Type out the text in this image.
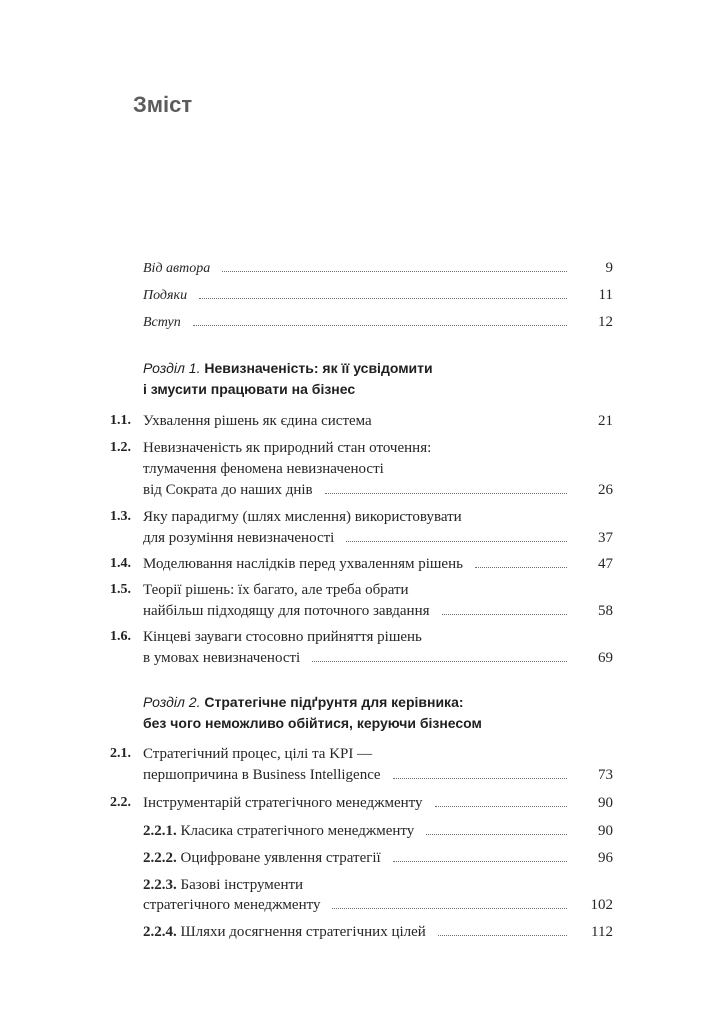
Зміст
Від автора	9
Подяки	11
Вступ	12
Розділ 1. Невизначеність: як її усвідомити
і змусити працювати на бізнес
1.1. Ухвалення рішень як єдина система	21
1.2. Невизначеність як природний стан оточення:
тлумачення феномена невизначеності
від Сократа до наших днів	26
1.3. Яку парадигму (шлях мислення) використовувати
для розуміння невизначеності	37
1.4. Моделювання наслідків перед ухваленням рішень	47
1.5. Теорії рішень: їх багато, але треба обрати
найбільш підходящу для поточного завдання	58
1.6. Кінцеві зауваги стосовно прийняття рішень
в умовах невизначеності	69
Розділ 2. Стратегічне підґрунтя для керівника:
без чого неможливо обійтися, керуючи бізнесом
2.1. Стратегічний процес, цілі та KPI —
першопричина в Business Intelligence	73
2.2. Інструментарій стратегічного менеджменту	90
2.2.1. Класика стратегічного менеджменту	90
2.2.2. Оцифроване уявлення стратегії	96
2.2.3. Базові інструменти
стратегічного менеджменту	102
2.2.4. Шляхи досягнення стратегічних цілей	112
